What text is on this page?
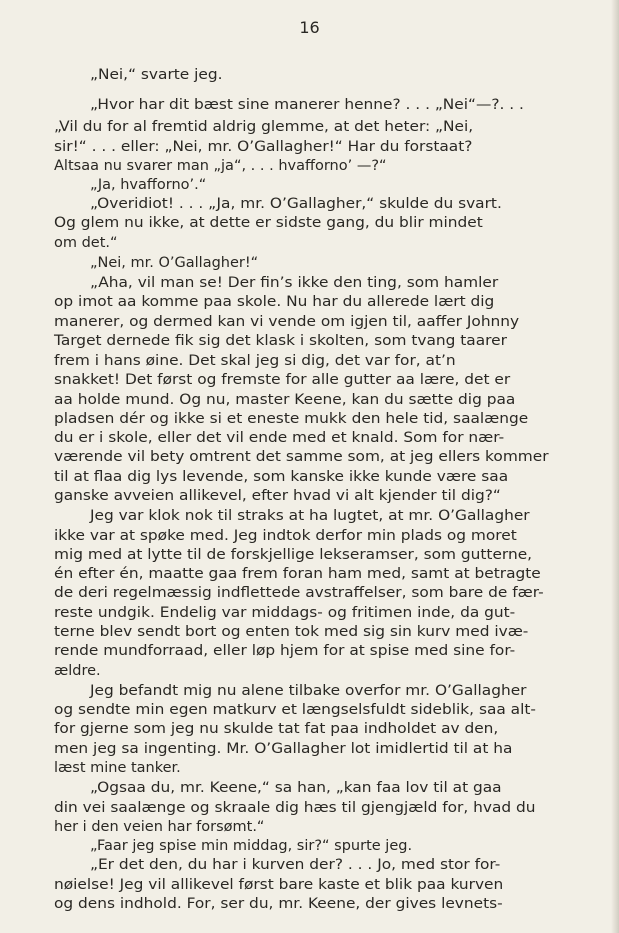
16
„Nei,“ svarte jeg.
„Hvor har dit bæst sine manerer henne? . . . „Nei“—?. . .
„Vil du for al fremtid aldrig glemme, at det heter: „Nei,
sir!“ . . . eller: „Nei, mr. O’Gallagher!“ Har du forstaat?
Altsaa nu svarer man „ja“, . . . hvafforno’ —?“
„Ja, hvafforno’.“
„Overidiot! . . . „Ja, mr. O’Gallagher,“ skulde du svart.
Og glem nu ikke, at dette er sidste gang, du blir mindet
om det.“
„Nei, mr. O’Gallagher!“
„Aha, vil man se! Der fin’s ikke den ting, som hamler
op imot aa komme paa skole. Nu har du allerede lært dig
manerer, og dermed kan vi vende om igjen til, aaffer Johnny
Target dernede fik sig det klask i skolten, som tvang taarer
frem i hans øine. Det skal jeg si dig, det var for, at’n
snakket! Det først og fremste for alle gutter aa lære, det er
aa holde mund. Og nu, master Keene, kan du sætte dig paa
pladsen dér og ikke si et eneste mukk den hele tid, saalænge
du er i skole, eller det vil ende med et knald. Som for nær-
værende vil bety omtrent det samme som, at jeg ellers kommer
til at flaa dig lys levende, som kanske ikke kunde være saa
ganske avveien allikevel, efter hvad vi alt kjender til dig?“
Jeg var klok nok til straks at ha lugtet, at mr. O’Gallagher
ikke var at spøke med. Jeg indtok derfor min plads og moret
mig med at lytte til de forskjellige lekseramser, som gutterne,
én efter én, maatte gaa frem foran ham med, samt at betragte
de deri regelmæssig indflettede avstraffelser, som bare de fær-
reste undgik. Endelig var middags- og fritimen inde, da gut-
terne blev sendt bort og enten tok med sig sin kurv med ivæ-
rende mundforraad, eller løp hjem for at spise med sine for-
ældre.
Jeg befandt mig nu alene tilbake overfor mr. O’Gallagher
og sendte min egen matkurv et længselsfuldt sideblik, saa alt-
for gjerne som jeg nu skulde tat fat paa indholdet av den,
men jeg sa ingenting. Mr. O’Gallagher lot imidlertid til at ha
læst mine tanker.
„Ogsaa du, mr. Keene,“ sa han, „kan faa lov til at gaa
din vei saalænge og skraale dig hæs til gjengjæld for, hvad du
her i den veien har forsømt.“
„Faar jeg spise min middag, sir?“ spurte jeg.
„Er det den, du har i kurven der? . . . Jo, med stor for-
nøielse! Jeg vil allikevel først bare kaste et blik paa kurven
og dens indhold. For, ser du, mr. Keene, der gives levnets-
